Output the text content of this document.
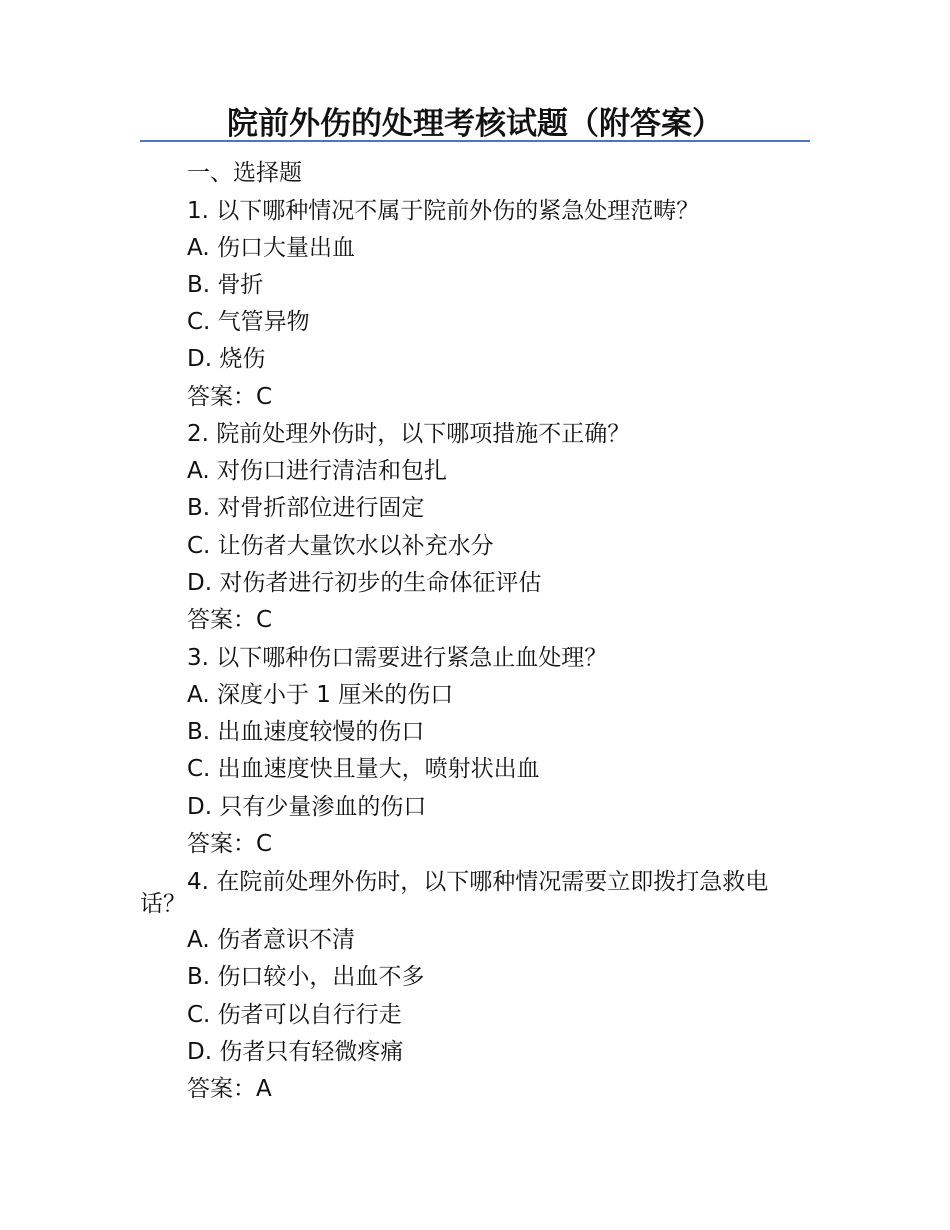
院前外伤的处理考核试题（附答案）
一、选择题
1. 以下哪种情况不属于院前外伤的紧急处理范畴？
A. 伤口大量出血
B. 骨折
C. 气管异物
D. 烧伤
答案：C
2. 院前处理外伤时，以下哪项措施不正确？
A. 对伤口进行清洁和包扎
B. 对骨折部位进行固定
C. 让伤者大量饮水以补充水分
D. 对伤者进行初步的生命体征评估
答案：C
3. 以下哪种伤口需要进行紧急止血处理？
A. 深度小于 1 厘米的伤口
B. 出血速度较慢的伤口
C. 出血速度快且量大，喷射状出血
D. 只有少量渗血的伤口
答案：C
4. 在院前处理外伤时，以下哪种情况需要立即拨打急救电话？
A. 伤者意识不清
B. 伤口较小，出血不多
C. 伤者可以自行行走
D. 伤者只有轻微疼痛
答案：A
